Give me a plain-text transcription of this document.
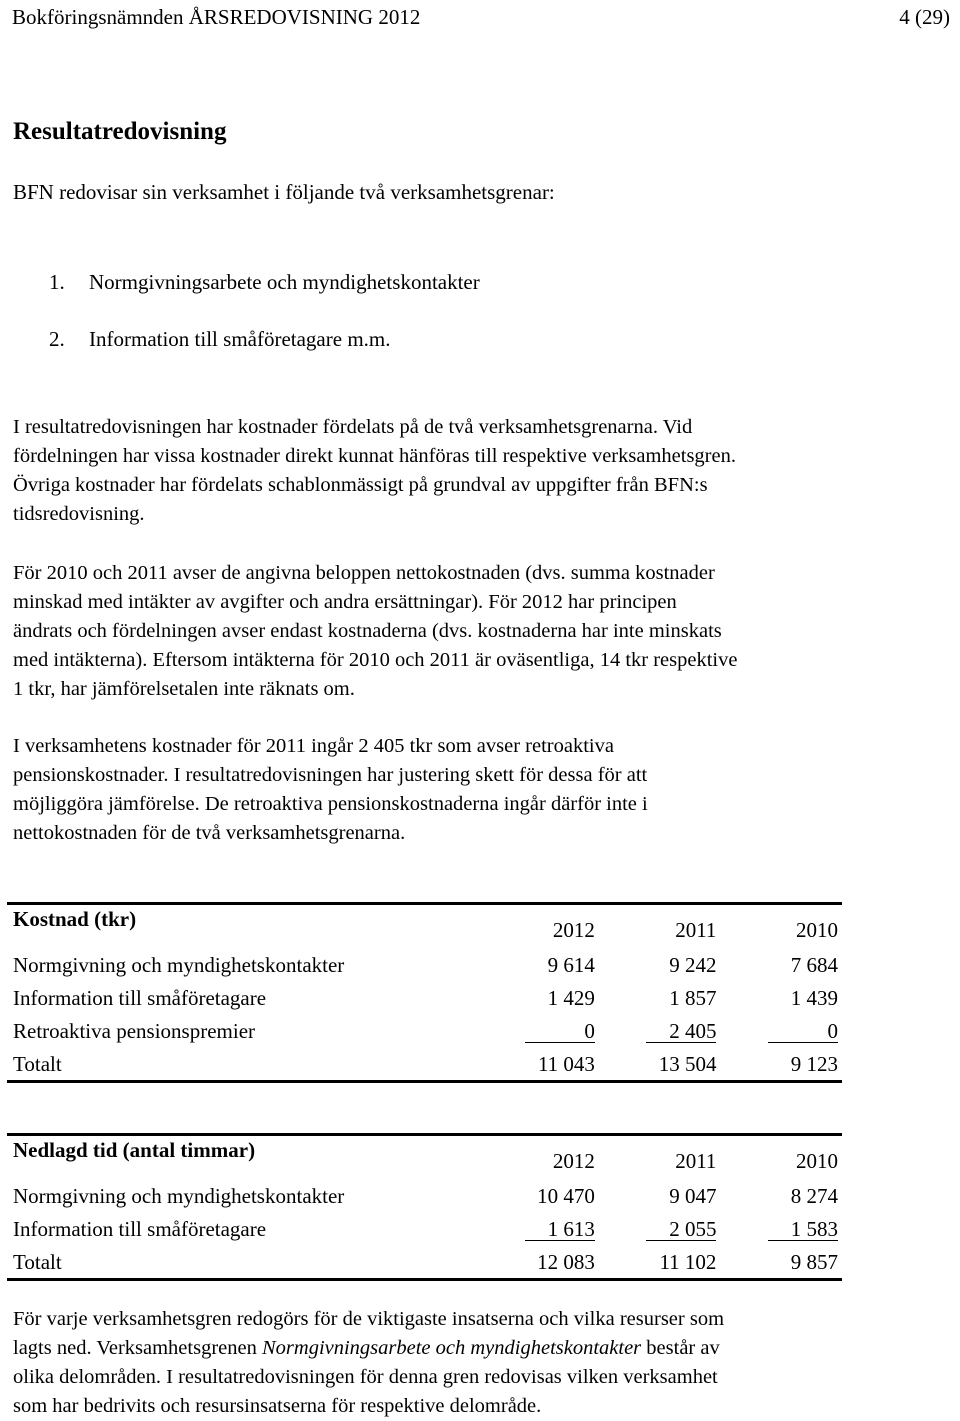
Bokföringsnämnden ÅRSREDOVISNING 2012	4 (29)
Resultatredovisning
BFN redovisar sin verksamhet i följande två verksamhetsgrenar:
1. Normgivningsarbete och myndighetskontakter
2. Information till småföretagare m.m.
I resultatredovisningen har kostnader fördelats på de två verksamhetsgrenarna. Vid
fördelningen har vissa kostnader direkt kunnat hänföras till respektive verksamhetsgren.
Övriga kostnader har fördelats schablonmässigt på grundval av uppgifter från BFN:s
tidsredovisning.
För 2010 och 2011 avser de angivna beloppen nettokostnaden (dvs. summa kostnader
minskad med intäkter av avgifter och andra ersättningar). För 2012 har principen
ändrats och fördelningen avser endast kostnaderna (dvs. kostnaderna har inte minskats
med intäkterna). Eftersom intäkterna för 2010 och 2011 är oväsentliga, 14 tkr respektive
1 tkr, har jämförelsetalen inte räknats om.
I verksamhetens kostnader för 2011 ingår 2 405 tkr som avser retroaktiva
pensionskostnader. I resultatredovisningen har justering skett för dessa för att
möjliggöra jämförelse. De retroaktiva pensionskostnaderna ingår därför inte i
nettokostnaden för de två verksamhetsgrenarna.
Kostnad (tkr)	2012	2011	2010
Normgivning och myndighetskontakter	9 614	9 242	7 684
Information till småföretagare	1 429	1 857	1 439
Retroaktiva pensionspremier	0	2 405	0
Totalt	11 043	13 504	9 123
Nedlagd tid (antal timmar)	2012	2011	2010
Normgivning och myndighetskontakter	10 470	9 047	8 274
Information till småföretagare	1 613	2 055	1 583
Totalt	12 083	11 102	9 857
För varje verksamhetsgren redogörs för de viktigaste insatserna och vilka resurser som
lagts ned. Verksamhetsgrenen Normgivningsarbete och myndighetskontakter består av
olika delområden. I resultatredovisningen för denna gren redovisas vilken verksamhet
som har bedrivits och resursinsatserna för respektive delområde.
